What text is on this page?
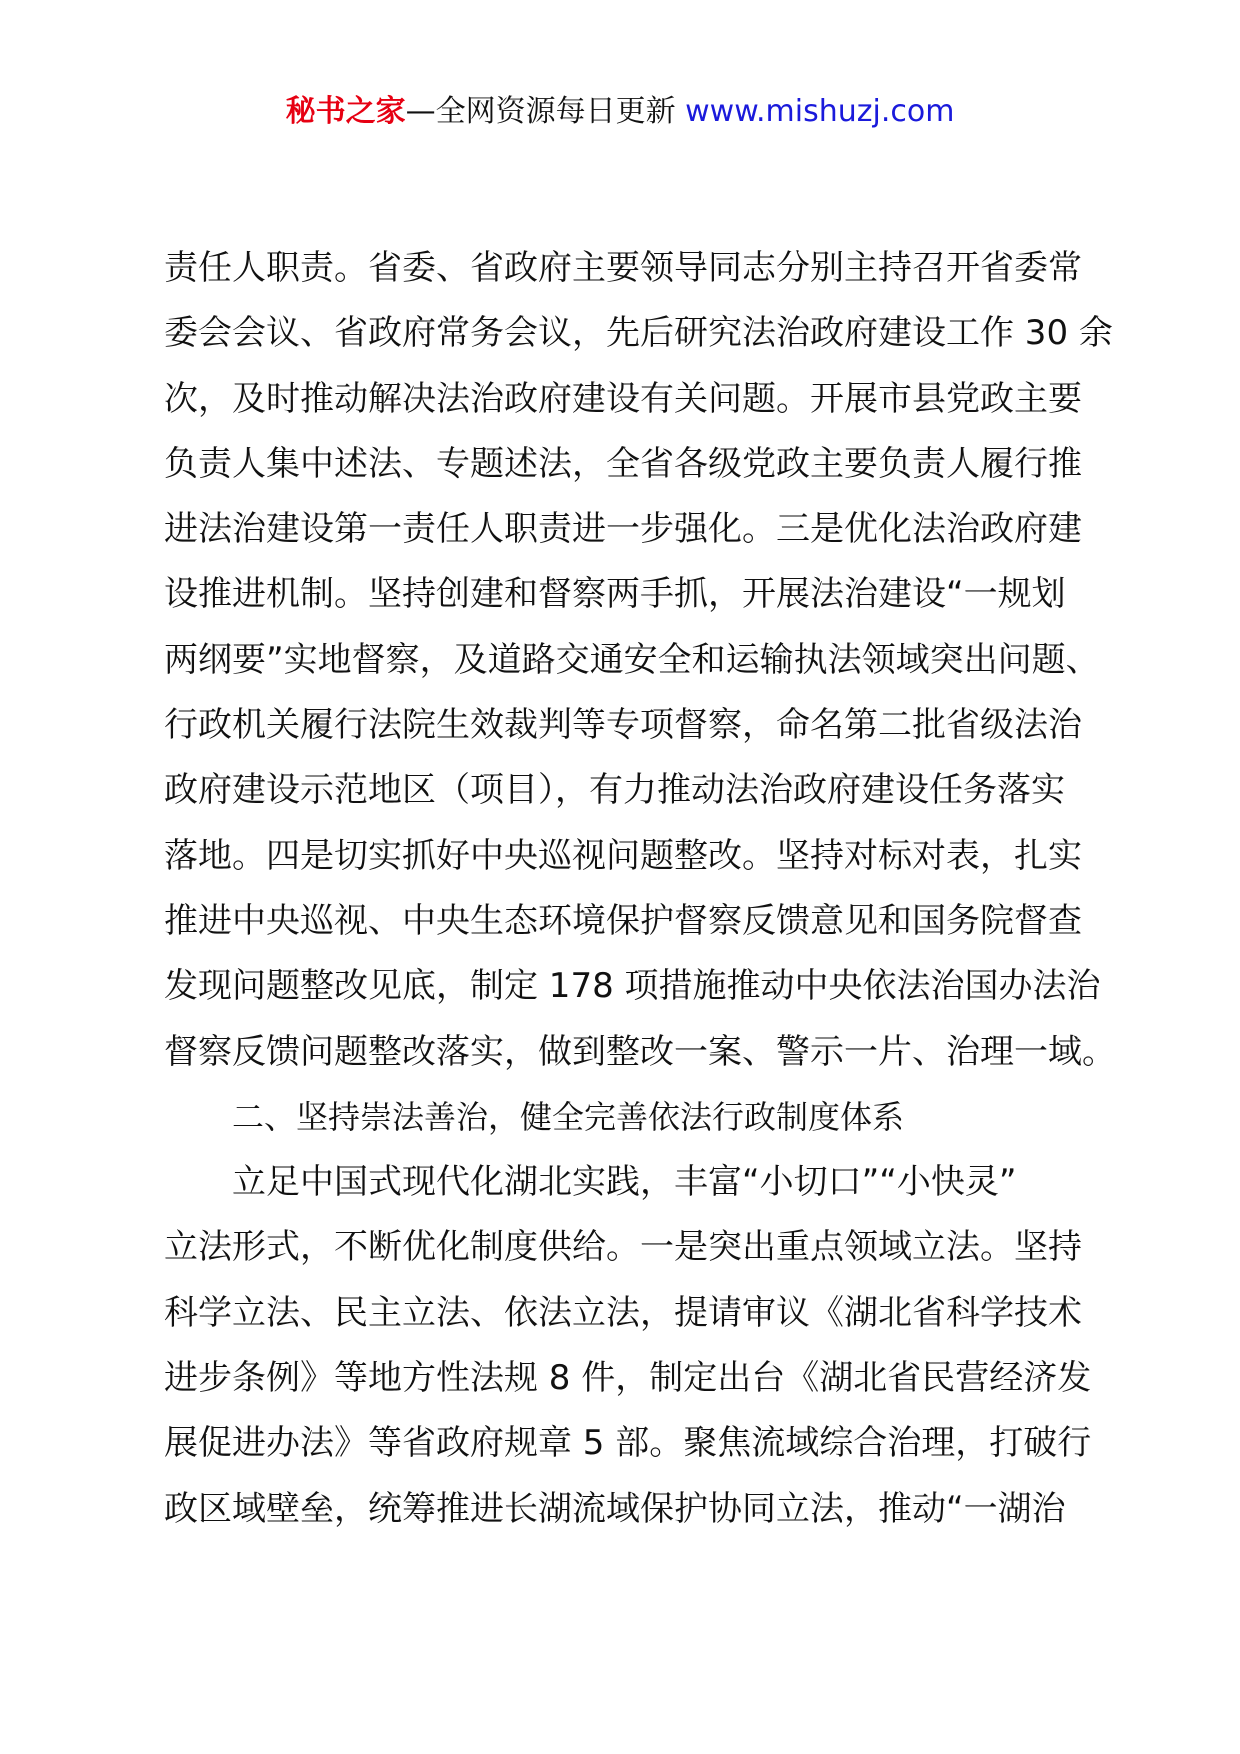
秘书之家—全网资源每日更新 www.mishuzj.com
责任人职责。省委、省政府主要领导同志分别主持召开省委常
委会会议、省政府常务会议，先后研究法治政府建设工作 30 余
次，及时推动解决法治政府建设有关问题。开展市县党政主要
负责人集中述法、专题述法，全省各级党政主要负责人履行推
进法治建设第一责任人职责进一步强化。三是优化法治政府建
设推进机制。坚持创建和督察两手抓，开展法治建设“一规划
两纲要”实地督察，及道路交通安全和运输执法领域突出问题、
行政机关履行法院生效裁判等专项督察，命名第二批省级法治
政府建设示范地区（项目），有力推动法治政府建设任务落实
落地。四是切实抓好中央巡视问题整改。坚持对标对表，扎实
推进中央巡视、中央生态环境保护督察反馈意见和国务院督查
发现问题整改见底，制定 178 项措施推动中央依法治国办法治
督察反馈问题整改落实，做到整改一案、警示一片、治理一域。
二、坚持崇法善治，健全完善依法行政制度体系
立足中国式现代化湖北实践，丰富“小切口”“小快灵”
立法形式，不断优化制度供给。一是突出重点领域立法。坚持
科学立法、民主立法、依法立法，提请审议《湖北省科学技术
进步条例》等地方性法规 8 件，制定出台《湖北省民营经济发
展促进办法》等省政府规章 5 部。聚焦流域综合治理，打破行
政区域壁垒，统筹推进长湖流域保护协同立法，推动“一湖治
